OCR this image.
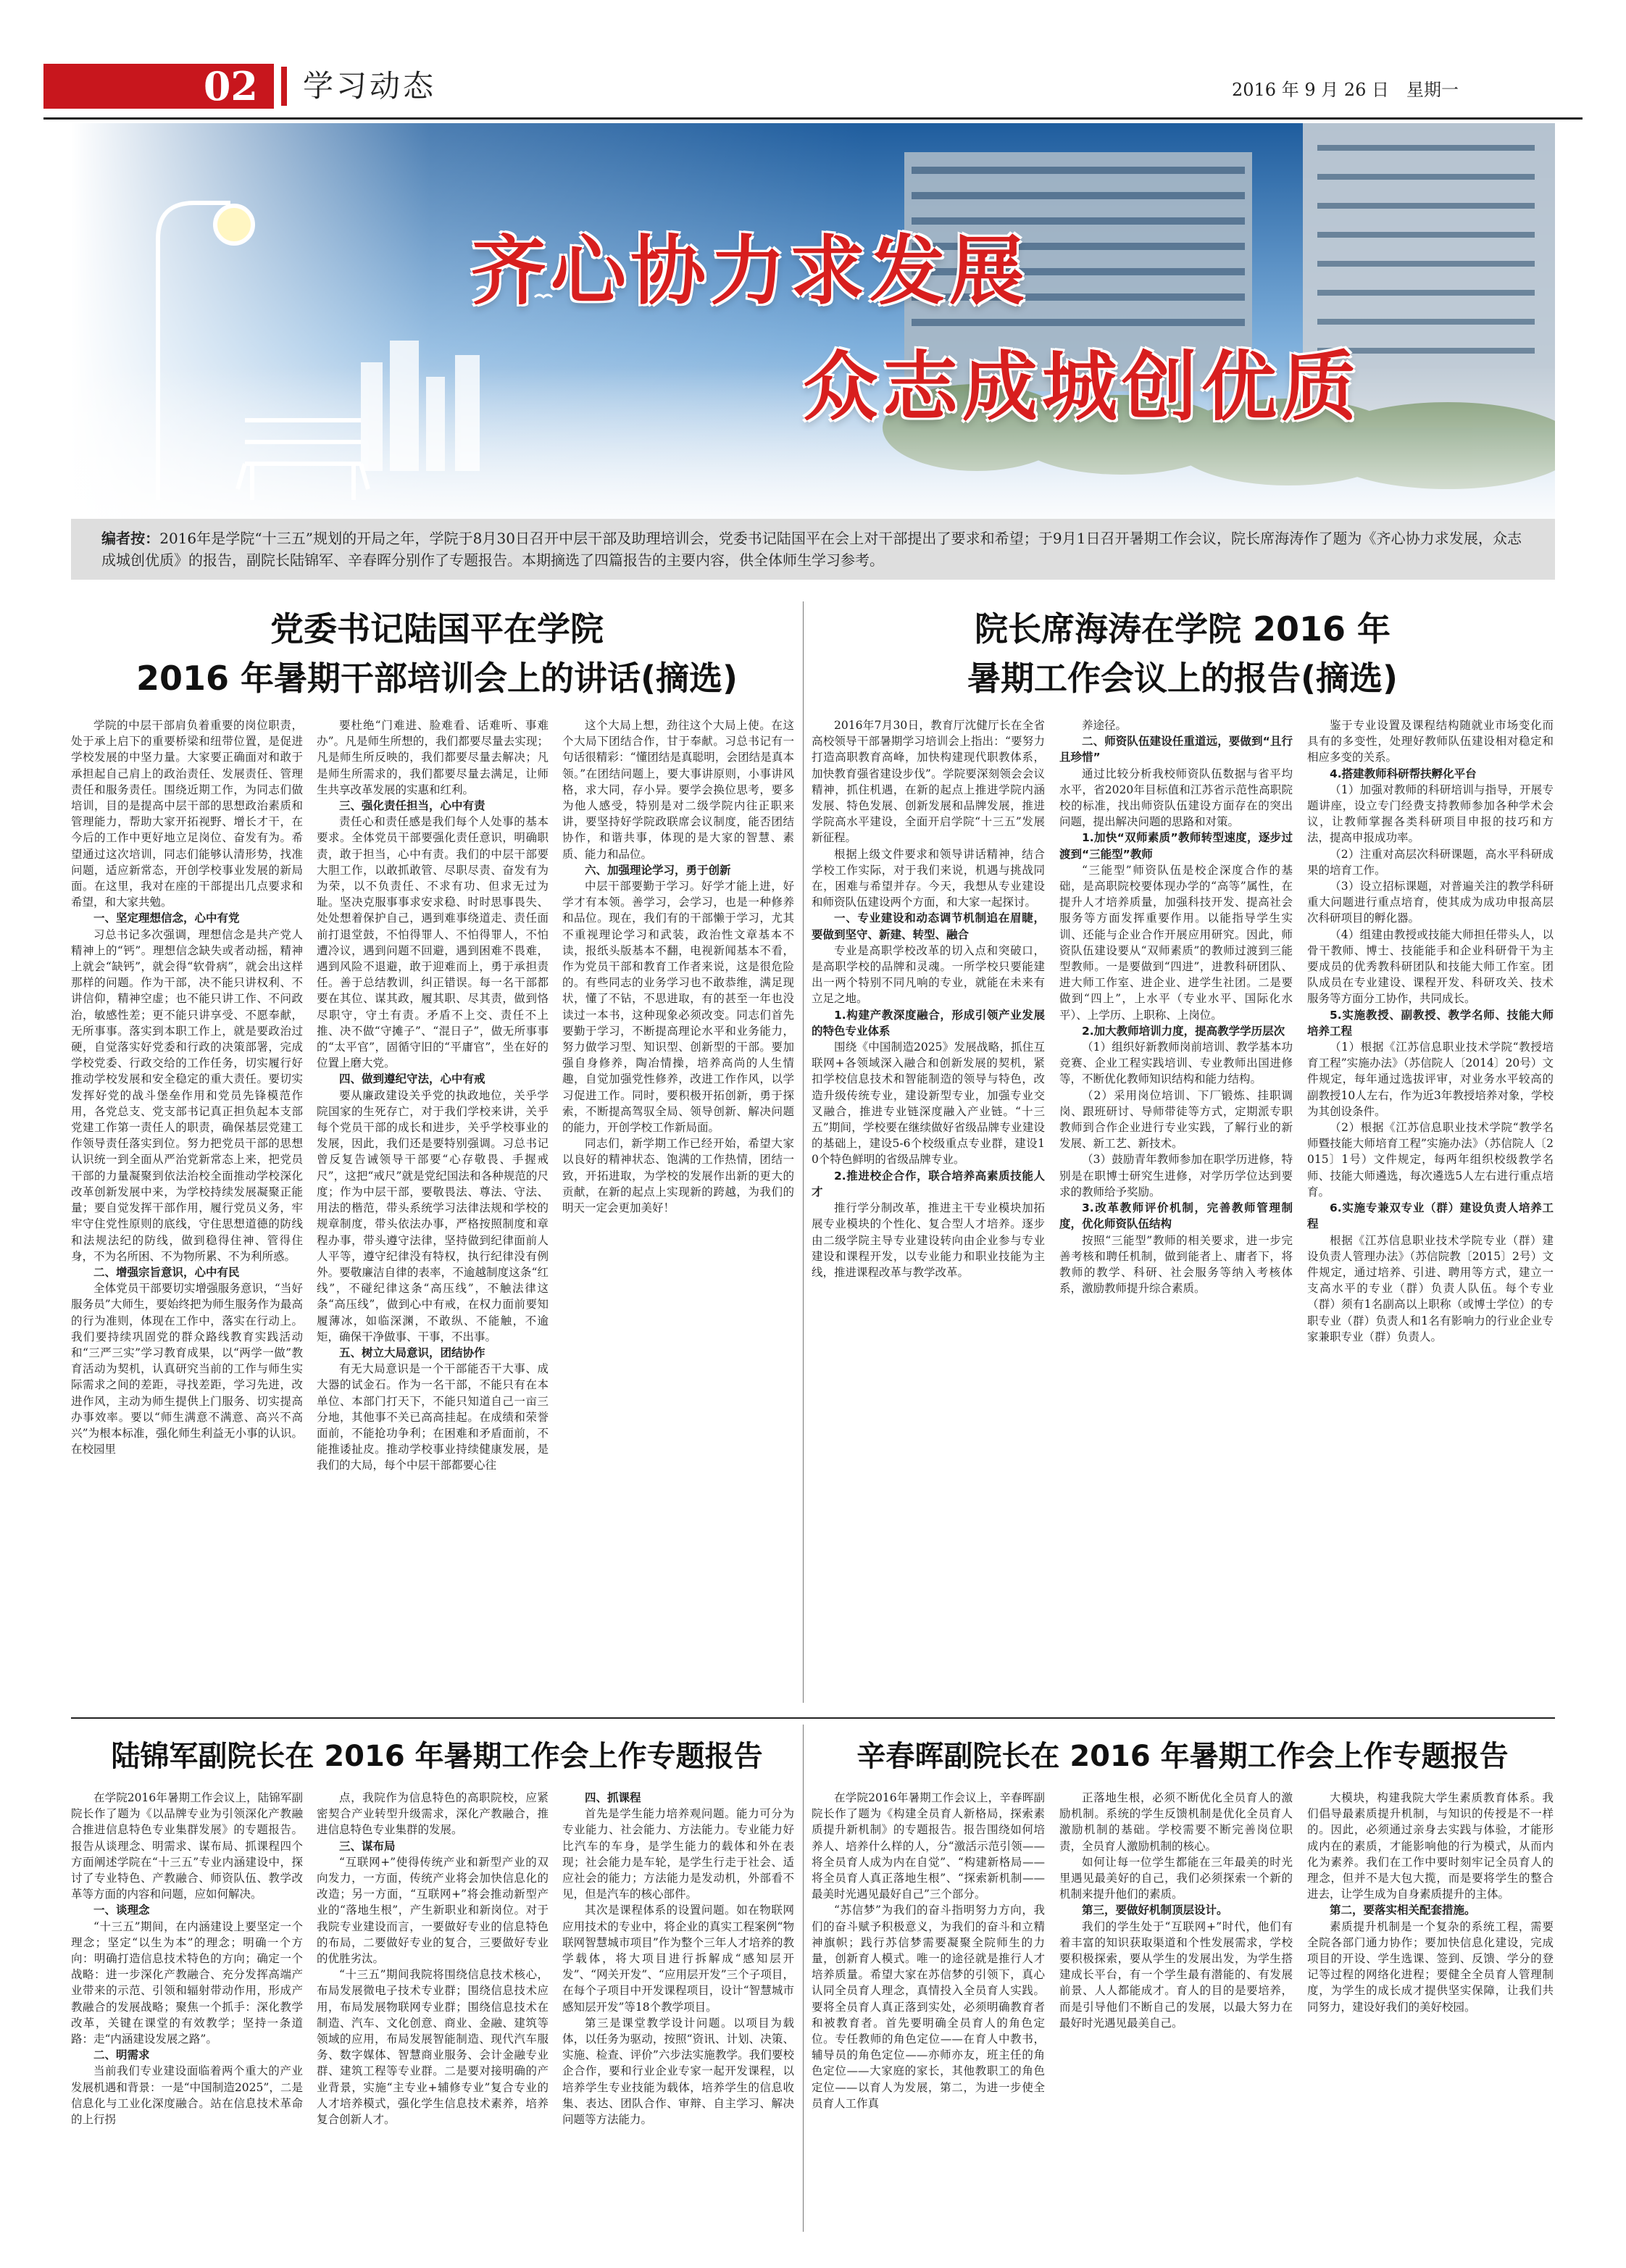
02	学习动态	2016 年 9 月 26 日　星期一
齐心协力求发展
众志成城创优质
编者按：2016年是学院“十三五”规划的开局之年，学院于8月30日召开中层干部及助理培训会，党委书记陆国平在会上对干部提出了要求和希望；于9月1日召开暑期工作会议，院长席海涛作了题为《齐心协力求发展，众志成城创优质》的报告，副院长陆锦军、辛春晖分别作了专题报告。本期摘选了四篇报告的主要内容，供全体师生学习参考。
党委书记陆国平在学院
2016 年暑期干部培训会上的讲话(摘选)
院长席海涛在学院 2016 年
暑期工作会议上的报告(摘选)

学院的中层干部肩负着重要的岗位职责，处于承上启下的重要桥梁和纽带位置，是促进学校发展的中坚力量。大家要正确面对和敢于承担起自己肩上的政治责任、发展责任、管理责任和服务责任。围绕近期工作，为同志们做培训，目的是提高中层干部的思想政治素质和管理能力，帮助大家开拓视野、增长才干，在今后的工作中更好地立足岗位、奋发有为。希望通过这次培训，同志们能够认清形势，找准问题，适应新常态，开创学校事业发展的新局面。在这里，我对在座的干部提出几点要求和希望，和大家共勉。

一、坚定理想信念，心中有党

习总书记多次强调，理想信念是共产党人精神上的“钙”。理想信念缺失或者动摇，精神上就会“缺钙”，就会得“软骨病”，就会出这样那样的问题。作为干部，决不能只讲权利、不讲信仰，精神空虚；也不能只讲工作、不问政治，敏感性差；更不能只讲享受、不愿奉献，无所事事。落实到本职工作上，就是要政治过硬，自觉落实好党委和行政的决策部署，完成学校党委、行政交给的工作任务，切实履行好推动学校发展和安全稳定的重大责任。要切实发挥好党的战斗堡垒作用和党员先锋模范作用，各党总支、党支部书记真正担负起本支部党建工作第一责任人的职责，确保基层党建工作领导责任落实到位。努力把党员干部的思想认识统一到全面从严治党新常态上来，把党员干部的力量凝聚到依法治校全面推动学校深化改革创新发展中来，为学校持续发展凝聚正能量；要自觉发挥干部作用，履行党员义务，牢牢守住党性原则的底线，守住思想道德的防线和法规法纪的防线，做到稳得住神、管得住身，不为名所困、不为物所累、不为利所惑。

二、增强宗旨意识，心中有民

全体党员干部要切实增强服务意识，“当好服务员”大师生，要始终把为师生服务作为最高的行为准则，体现在工作中，落实在行动上。我们要持续巩固党的群众路线教育实践活动和“三严三实”学习教育成果，以“两学一做”教育活动为契机，认真研究当前的工作与师生实际需求之间的差距，寻找差距，学习先进，改进作风，主动为师生提供上门服务、切实提高办事效率。要以“师生满意不满意、高兴不高兴”为根本标准，强化师生利益无小事的认识。在校园里

要杜绝“门难进、脸难看、话难听、事难办”。凡是师生所想的，我们都要尽量去实现；凡是师生所反映的，我们都要尽量去解决；凡是师生所需求的，我们都要尽量去满足，让师生共享改革发展的实惠和红利。

三、强化责任担当，心中有责

责任心和责任感是我们每个人处事的基本要求。全体党员干部要强化责任意识，明确职责，敢于担当，心中有责。我们的中层干部要大胆工作，以敢抓敢管、尽职尽责、奋发有为为荣，以不负责任、不求有功、但求无过为耻。坚决克服事事求安求稳、时时思事畏失、处处想着保护自己，遇到难事绕道走、责任面前打退堂鼓，不怕得罪人、不怕得罪人，不怕遭冷议，遇到问题不回避，遇到困难不畏难，遇到风险不退避，敢于迎难而上，勇于承担责任。善于总结教训，纠正错误。每一名干部都要在其位、谋其政，履其职、尽其责，做到恪尽职守，守土有责。矛盾不上交、责任不上推、决不做“守摊子”、“混日子”，做无所事事的“太平官”，固循守旧的“平庸官”，坐在好的位置上磨大党。

四、做到遵纪守法，心中有戒

要从廉政建设关乎党的执政地位，关乎学院国家的生死存亡，对于我们学校来讲，关乎每个党员干部的成长和进步，关乎学校事业的发展，因此，我们还是要特别强调。习总书记曾反复告诫领导干部要“心存敬畏、手握戒尺”，这把“戒尺”就是党纪国法和各种规范的尺度；作为中层干部，要敬畏法、尊法、守法、用法的楷范，带头系统学习法律法规和学校的规章制度，带头依法办事，严格按照制度和章程办事，带头遵守法律，坚持做到纪律面前人人平等，遵守纪律没有特权，执行纪律没有例外。要敬廉洁自律的表率，不逾越制度这条“红线”，不碰纪律这条“高压线”，不触法律这条“高压线”，做到心中有戒，在权力面前要知履薄冰，如临深渊，不敢纵、不能触，不逾矩，确保干净做事、干事，不出事。

五、树立大局意识，团结协作

有无大局意识是一个干部能否干大事、成大器的试金石。作为一名干部，不能只有在本单位、本部门打天下，不能只知道自己一亩三分地，其他事不关已高高挂起。在成绩和荣誉面前，不能抢功争利；在困难和矛盾面前，不能推诿扯皮。推动学校事业持续健康发展，是我们的大局，每个中层干部都要心往

这个大局上想，劲往这个大局上使。在这个大局下团结合作，甘于奉献。习总书记有一句话很精彩：“懂团结是真聪明，会团结是真本领。”在团结问题上，要大事讲原则，小事讲风格，求大同，存小异。要学会换位思考，要多为他人感受，特别是对二级学院内往正职来讲，要坚持好学院政联席会议制度，能否团结协作，和谐共事，体现的是大家的智慧、素质、能力和品位。

六、加强理论学习，勇于创新

中层干部要勤于学习。好学才能上进，好学才有本领。善学习，会学习，也是一种修养和品位。现在，我们有的干部懒于学习，尤其不重视理论学习和武装，政治性文章基本不读，报纸头版基本不翻，电视新闻基本不看，作为党员干部和教育工作者来说，这是很危险的。有些同志的业务学习也不敢恭维，满足现状，懂了不钻，不思进取，有的甚至一年也没读过一本书，这种现象必须改变。同志们首先要勤于学习，不断提高理论水平和业务能力，努力做学习型、知识型、创新型的干部。要加强自身修养，陶冶情操，培养高尚的人生情趣，自觉加强党性修养，改进工作作风，以学习促进工作。同时，要积极开拓创新，勇于探索，不断提高驾驭全局、领导创新、解决问题的能力，开创学校工作新局面。

同志们，新学期工作已经开始，希望大家以良好的精神状态、饱满的工作热情，团结一致，开拓进取，为学校的发展作出新的更大的贡献，在新的起点上实现新的跨越，为我们的明天一定会更加美好！

2016年7月30日，教育厅沈健厅长在全省高校领导干部暑期学习培训会上指出：“要努力打造高职教育高峰，加快构建现代职教体系，加快教育强省建设步伐”。学院要深刻领会会议精神，抓住机遇，在新的起点上推进学院内涵发展、特色发展、创新发展和品牌发展，推进学院高水平建设，全面开启学院“十三五”发展新征程。

根据上级文件要求和领导讲话精神，结合学校工作实际，对于我们来说，机遇与挑战同在，困难与希望并存。今天，我想从专业建设和师资队伍建设两个方面，和大家一起探讨。

一、专业建设和动态调节机制追在眉睫，要做到坚守、新建、转型、融合

专业是高职学校改革的切入点和突破口，是高职学校的品牌和灵魂。一所学校只要能建出一两个特别不同凡响的专业，就能在未来有立足之地。

1.构建产教深度融合，形成引领产业发展的特色专业体系

围绕《中国制造2025》发展战略，抓住互联网+各领域深入融合和创新发展的契机，紧扣学校信息技术和智能制造的领导与特色，改造升级传统专业，建设新型专业，加强专业交叉融合，推进专业链深度融入产业链。“十三五”期间，学校要在继续做好省级品牌专业建设的基础上，建设5-6个校级重点专业群，建设10个特色鲜明的省级品牌专业。

2.推进校企合作，联合培养高素质技能人才

推行学分制改革，推进主干专业模块加拓展专业模块的个性化、复合型人才培养。逐步由二级学院主导专业建设转向由企业参与专业建设和课程开发，以专业能力和职业技能为主线，推进课程改革与教学改革。

养途径。

二、师资队伍建设任重道远，要做到“且行且珍惜”

通过比较分析我校师资队伍数据与省平均水平，省2020年目标值和江苏省示范性高职院校的标准，找出师资队伍建设方面存在的突出问题，提出解决问题的思路和对策。

1.加快“双师素质”教师转型速度，逐步过渡到“三能型”教师

“三能型”师资队伍是校企深度合作的基础，是高职院校要体现办学的“高等”属性，在提升人才培养质量，加强科技开发、提高社会服务等方面发挥重要作用。以能指导学生实训、还能与企业合作开展应用研究。因此，师资队伍建设要从“双师素质”的教师过渡到三能型教师。一是要做到“四进”，进教科研团队、进大师工作室、进企业、进学生社团。二是要做到“四上”，上水平（专业水平、国际化水平）、上学历、上职称、上岗位。

2.加大教师培训力度，提高教学学历层次

（1）组织好新教师岗前培训、教学基本功竞赛、企业工程实践培训、专业教师出国进修等，不断优化教师知识结构和能力结构。

（2）采用岗位培训、下厂锻炼、挂职调岗、跟班研讨、导师带徒等方式，定期派专职教师到合作企业进行专业实践，了解行业的新发展、新工艺、新技术。

（3）鼓励青年教师参加在职学历进修，特别是在职博士研究生进修，对学历学位达到要求的教师给予奖励。

3.改革教师评价机制，完善教师管理制度，优化师资队伍结构

按照“三能型”教师的相关要求，进一步完善考核和聘任机制，做到能者上、庸者下，将教师的教学、科研、社会服务等纳入考核体系，激励教师提升综合素质。

鉴于专业设置及课程结构随就业市场变化而具有的多变性，处理好教师队伍建设相对稳定和相应多变的关系。

4.搭建教师科研帮扶孵化平台

（1）加强对教师的科研培训与指导，开展专题讲座，设立专门经费支持教师参加各种学术会议，让教师掌握各类科研项目申报的技巧和方法，提高申报成功率。

（2）注重对高层次科研课题，高水平科研成果的培育工作。

（3）设立招标课题，对普遍关注的教学科研重大问题进行重点培育，使其成为成功申报高层次科研项目的孵化器。

（4）组建由教授或技能大师担任带头人，以骨干教师、博士、技能能手和企业科研骨干为主要成员的优秀教科研团队和技能大师工作室。团队成员在专业建设、课程开发、科研攻关、技术服务等方面分工协作，共同成长。

5.实施教授、副教授、教学名师、技能大师培养工程

（1）根据《江苏信息职业技术学院“教授培育工程”实施办法》（苏信院人〔2014〕20号）文件规定，每年通过选拔评审，对业务水平较高的副教授10人左右，作为近3年教授培养对象，学校为其创设条件。

（2）根据《江苏信息职业技术学院“教学名师暨技能大师培育工程”实施办法》（苏信院人〔2015〕1号）文件规定，每两年组织校级教学名师、技能大师遴选，每次遴选5人左右进行重点培育。

6.实施专兼双专业（群）建设负责人培养工程

根据《江苏信息职业技术学院专业（群）建设负责人管理办法》（苏信院教〔2015〕2号）文件规定，通过培养、引进、聘用等方式，建立一支高水平的专业（群）负责人队伍。每个专业（群）须有1名副高以上职称（或博士学位）的专职专业（群）负责人和1名有影响力的行业企业专家兼职专业（群）负责人。

陆锦军副院长在 2016 年暑期工作会上作专题报告	辛春晖副院长在 2016 年暑期工作会上作专题报告

在学院2016年暑期工作会议上，陆锦军副院长作了题为《以品牌专业为引领深化产教融合推进信息特色专业集群发展》的专题报告。报告从谈理念、明需求、谋布局、抓课程四个方面阐述学院在“十三五”专业内涵建设中，探讨了专业特色、产教融合、师资队伍、教学改革等方面的内容和问题，应如何解决。

一、谈理念

“十三五”期间，在内涵建设上要坚定一个理念；坚定“以生为本”的理念；明确一个方向：明确打造信息技术特色的方向；确定一个战略：进一步深化产教融合、充分发挥高端产业带来的示范、引领和辐射带动作用，形成产教融合的发展战略；聚焦一个抓手：深化教学改革，关键在课堂的有效教学；坚持一条道路：走“内涵建设发展之路”。

二、明需求

当前我们专业建设面临着两个重大的产业发展机遇和背景：一是“中国制造2025”，二是信息化与工业化深度融合。站在信息技术革命的上行拐

点，我院作为信息特色的高职院校，应紧密契合产业转型升级需求，深化产教融合，推进信息特色专业集群的发展。

三、谋布局

“互联网+”使得传统产业和新型产业的双向发力，一方面，传统产业将会加快信息化的改造；另一方面，“互联网+”将会推动新型产业的“落地生根”，产生新职业和新岗位。对于我院专业建设而言，一要做好专业的信息特色的布局，二要做好专业的复合，三要做好专业的优胜劣汰。

“十三五”期间我院将围绕信息技术核心，布局发展微电子技术专业群；围绕信息技术应用，布局发展物联网专业群；围绕信息技术在制造、汽车、文化创意、商业、金融、建筑等领域的应用，布局发展智能制造、现代汽车服务、数字媒体、智慧商业服务、会计金融专业群、建筑工程等专业群。二是要对接明确的产业背景，实施“主专业+辅修专业”复合专业的人才培养模式，强化学生信息技术素养，培养复合创新人才。

四、抓课程

首先是学生能力培养观问题。能力可分为专业能力、社会能力、方法能力。专业能力好比汽车的车身，是学生能力的载体和外在表现；社会能力是车轮，是学生行走于社会、适应社会的能力；方法能力是发动机，外部看不见，但是汽车的核心部件。

其次是课程体系的设置问题。如在物联网应用技术的专业中，将企业的真实工程案例“物联网智慧城市项目”作为整个三年人才培养的教学载体，将大项目进行拆解成“感知层开发”、“网关开发”、“应用层开发”三个子项目，在每个子项目中开发课程项目，设计“智慧城市感知层开发”等18个教学项目。

第三是课堂教学设计问题。以项目为载体，以任务为驱动，按照“资讯、计划、决策、实施、检查、评价”六步法实施教学。我们要校企合作，要和行业企业专家一起开发课程，以培养学生专业技能为载体，培养学生的信息收集、表达、团队合作、审辩、自主学习、解决问题等方法能力。

在学院2016年暑期工作会议上，辛春晖副院长作了题为《构建全员育人新格局，探索素质提升新机制》的专题报告。报告围绕如何培养人、培养什么样的人，分“激活示范引领——将全员育人成为内在自觉”、“构建新格局——将全员育人真正落地生根”、“探索新机制——最美时光遇见最好自己”三个部分。

“苏信梦”为我们的奋斗指明努力方向，我们的奋斗赋予积极意义，为我们的奋斗和立精神旗帜；践行苏信梦需要凝聚全院师生的力量，创新育人模式。唯一的途径就是推行人才培养质量。希望大家在苏信梦的引领下，真心认同全员育人理念，真情投入全员育人实践。要将全员育人真正落到实处，必须明确教育者和被教育者。首先要明确全员育人的角色定位。专任教师的角色定位——在育人中教书，辅导员的角色定位——亦师亦友，班主任的角色定位——大家庭的家长，其他教职工的角色定位——以育人为发展，第二，为进一步使全员育人工作真

正落地生根，必须不断优化全员育人的激励机制。系统的学生反馈机制是优化全员育人激励机制的基础。学校需要不断完善岗位职责，全员育人激励机制的核心。

如何让每一位学生都能在三年最美的时光里遇见最美好的自己，我们必须探索一个新的机制来提升他们的素质。

第三，要做好机制顶层设计。

我们的学生处于“互联网+”时代，他们有着丰富的知识获取渠道和个性发展需求，学校要积极探索，要从学生的发展出发，为学生搭建成长平台，有一个学生最有潜能的、有发展前景、人人都能成才。育人的目的是要培养，而是引导他们不断自己的发展，以最大努力在最好时光遇见最美自己。

大模块，构建我院大学生素质教育体系。我们倡导最素质提升机制，与知识的传授是不一样的。因此，必须通过亲身去实践与体验，才能形成内在的素质，才能影响他的行为模式，从而内化为素养。我们在工作中要时刻牢记全员育人的理念，但并不是大包大揽，而是要将学生的整合进去，让学生成为自身素质提升的主体。

第二，要落实相关配套措施。

素质提升机制是一个复杂的系统工程，需要全院各部门通力协作；要加快信息化建设，完成项目的开设、学生选课、签到、反馈、学分的登记等过程的网络化进程；要健全全员育人管理制度，为学生的成长成才提供坚实保障，让我们共同努力，建设好我们的美好校园。
